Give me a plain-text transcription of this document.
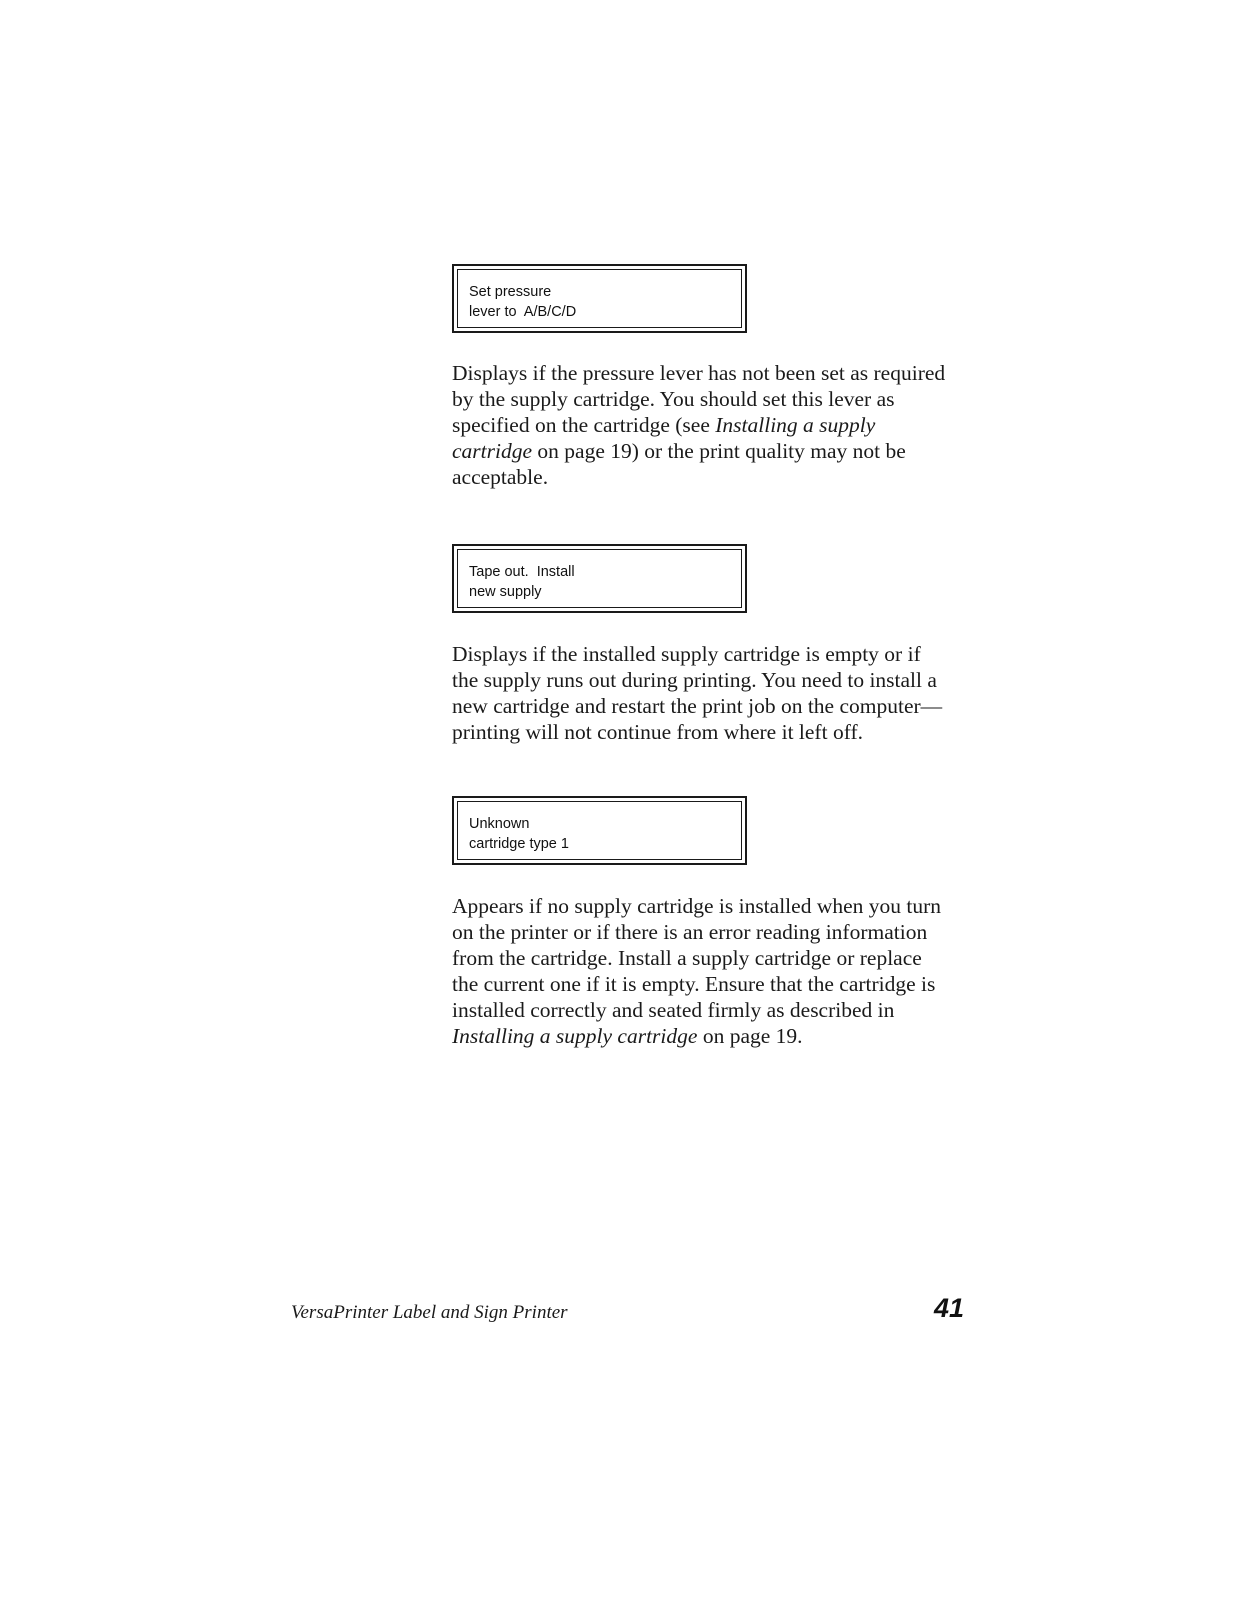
Set pressure
lever to  A/B/C/D

Displays if the pressure lever has not been set as required by the supply cartridge. You should set this lever as specified on the cartridge (see Installing a supply cartridge on page 19) or the print quality may not be acceptable.

Tape out.  Install
new supply

Displays if the installed supply cartridge is empty or if the supply runs out during printing. You need to install a new cartridge and restart the print job on the computer—printing will not continue from where it left off.

Unknown
cartridge type 1

Appears if no supply cartridge is installed when you turn on the printer or if there is an error reading information from the cartridge. Install a supply cartridge or replace the current one if it is empty. Ensure that the cartridge is installed correctly and seated firmly as described in Installing a supply cartridge on page 19.

VersaPrinter Label and Sign Printer	41
